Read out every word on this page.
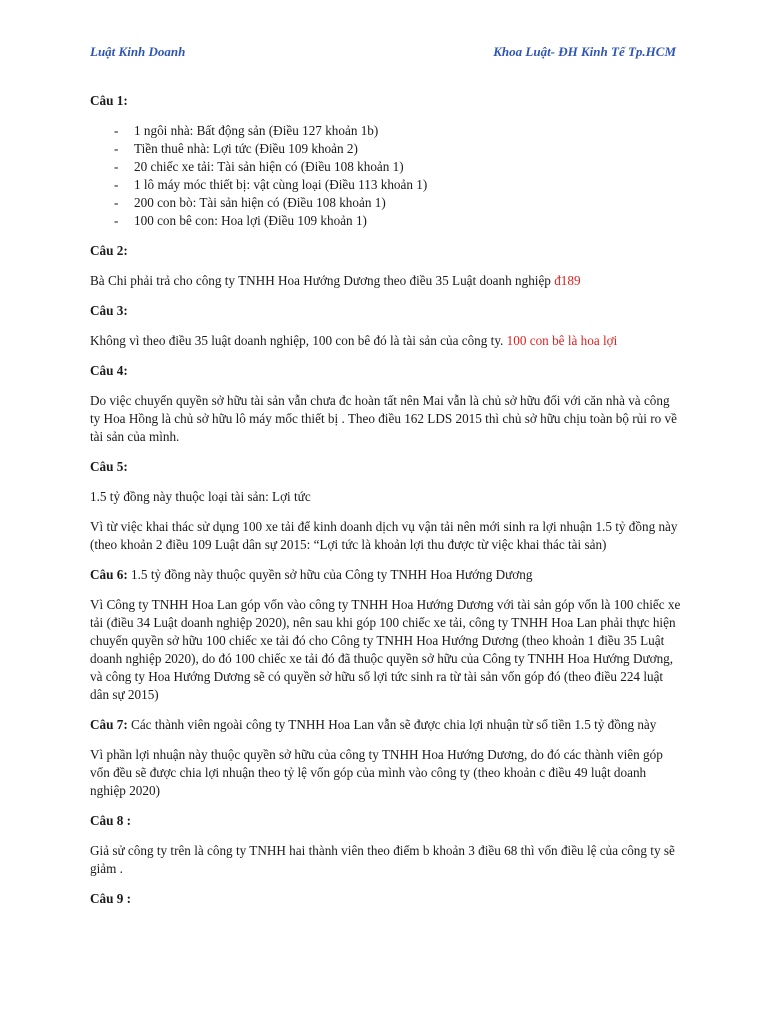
Luật Kinh Doanh	Khoa Luật- ĐH Kinh Tế Tp.HCM
Câu 1:
- 1 ngôi nhà: Bất động sản (Điều 127 khoản 1b)
- Tiền thuê nhà: Lợi tức (Điều 109 khoản 2)
- 20 chiếc xe tải: Tài sản hiện có (Điều 108 khoản 1)
- 1 lô máy móc thiết bị: vật cùng loại (Điều 113 khoản 1)
- 200 con bò: Tài sản hiện có (Điều 108 khoản 1)
- 100 con bê con: Hoa lợi (Điều 109 khoản 1)
Câu 2:

Bà Chi phải trả cho công ty TNHH Hoa Hướng Dương theo điều 35 Luật doanh nghiệp đ189

Câu 3:

Không vì theo điều 35 luật doanh nghiệp, 100 con bê đó là tài sản của công ty. 100 con bê là hoa lợi

Câu 4:

Do việc chuyển quyền sở hữu tài sản vẫn chưa đc hoàn tất nên Mai vẫn là chủ sở hữu đối với căn nhà và công ty Hoa Hồng là chủ sở hữu lô máy mốc thiết bị . Theo điều 162 LDS 2015 thì chủ sở hữu chịu toàn bộ rủi ro về tài sản của mình.

Câu 5:

1.5 tỷ đồng này thuộc loại tài sản: Lợi tức

Vì từ việc khai thác sử dụng 100 xe tải để kinh doanh dịch vụ vận tải nên mới sinh ra lợi nhuận 1.5 tỷ đồng này (theo khoản 2 điều 109 Luật dân sự 2015: “Lợi tức là khoản lợi thu được từ việc khai thác tài sản)

Câu 6: 1.5 tỷ đồng này thuộc quyền sở hữu của Công ty TNHH Hoa Hướng Dương

Vì Công ty TNHH Hoa Lan góp vốn vào công ty TNHH Hoa Hướng Dương với tài sản góp vốn là 100 chiếc xe tải (điều 34 Luật doanh nghiệp 2020), nên sau khi góp 100 chiếc xe tải, công ty TNHH Hoa Lan phải thực hiện chuyển quyền sở hữu 100 chiếc xe tải đó cho Công ty TNHH Hoa Hướng Dương (theo khoản 1 điều 35 Luật doanh nghiệp 2020), do đó 100 chiếc xe tải đó đã thuộc quyền sở hữu của Công ty TNHH Hoa Hướng Dương, và công ty Hoa Hướng Dương sẽ có quyền sở hữu số lợi tức sinh ra từ tài sản vốn góp đó (theo điều 224 luật dân sự 2015)

Câu 7: Các thành viên ngoài công ty TNHH Hoa Lan vẫn sẽ được chia lợi nhuận từ số tiền 1.5 tỷ đồng này

Vì phần lợi nhuận này thuộc quyền sở hữu của công ty TNHH Hoa Hướng Dương, do đó các thành viên góp vốn đều sẽ được chia lợi nhuận theo tỷ lệ vốn góp của mình vào công ty (theo khoản c điều 49 luật doanh nghiệp 2020)

Câu 8 :

Giả sử công ty trên là công ty TNHH hai thành viên theo điểm b khoản 3 điều 68 thì vốn điều lệ của công ty sẽ giảm .

Câu 9 :
